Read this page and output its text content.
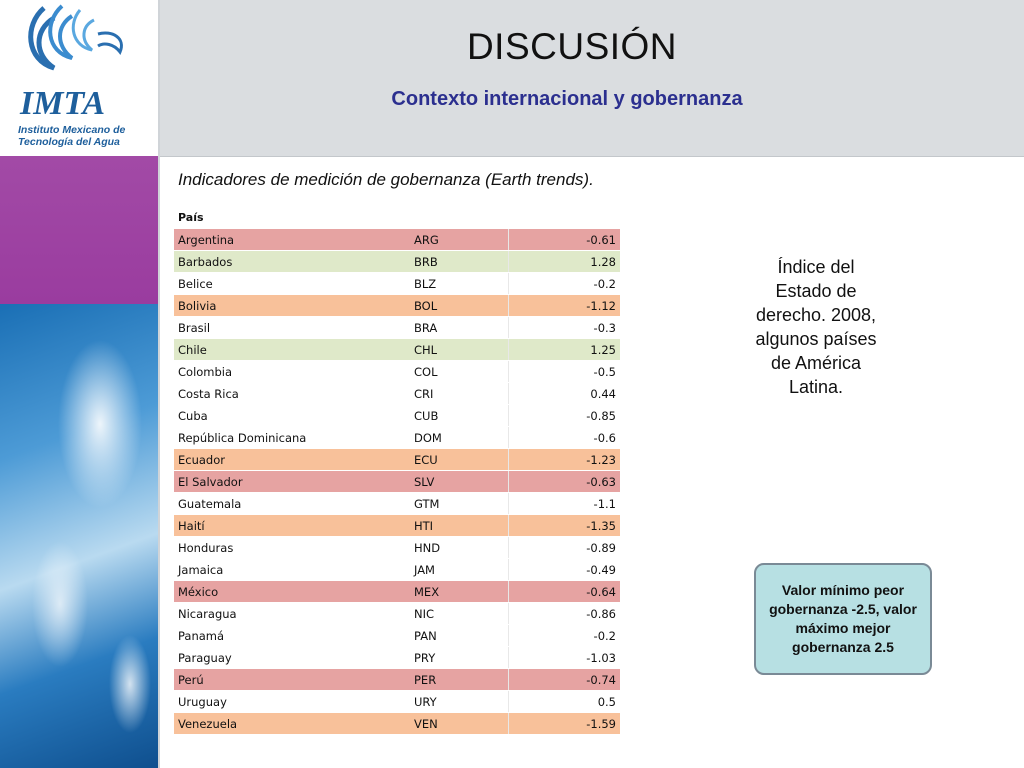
IMTA
Instituto Mexicano de Tecnología del Agua
DISCUSIÓN
Contexto internacional y gobernanza
Indicadores de medición de gobernanza (Earth trends).
País		
Argentina	ARG	-0.61
Barbados	BRB	1.28
Belice	BLZ	-0.2
Bolivia	BOL	-1.12
Brasil	BRA	-0.3
Chile	CHL	1.25
Colombia	COL	-0.5
Costa Rica	CRI	0.44
Cuba	CUB	-0.85
República Dominicana	DOM	-0.6
Ecuador	ECU	-1.23
El Salvador	SLV	-0.63
Guatemala	GTM	-1.1
Haití	HTI	-1.35
Honduras	HND	-0.89
Jamaica	JAM	-0.49
México	MEX	-0.64
Nicaragua	NIC	-0.86
Panamá	PAN	-0.2
Paraguay	PRY	-1.03
Perú	PER	-0.74
Uruguay	URY	0.5
Venezuela	VEN	-1.59
Índice del Estado de derecho. 2008, algunos países de América Latina.
Valor mínimo peor gobernanza -2.5, valor máximo mejor gobernanza 2.5
